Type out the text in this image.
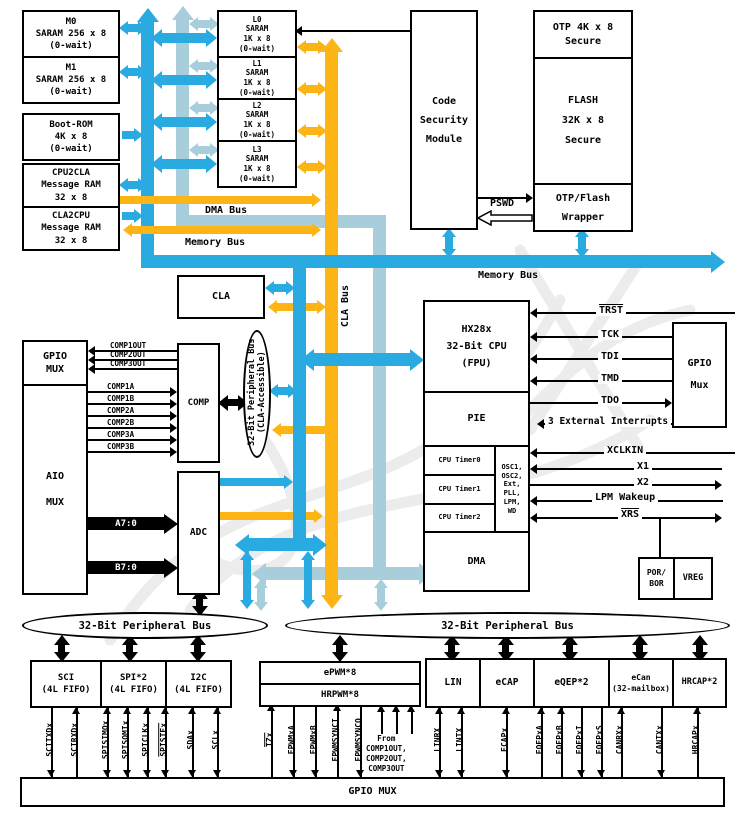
PSWD
COMP1OUT
COMP2OUT
COMP3OUT
COMP1A
COMP1B
COMP2A
COMP2B
COMP3A
COMP3B
A7:0
B7:0
TRST
TCK
TDI
TMD
TDO
3 External Interrupts
XCLKIN
X1
X2
LPM Wakeup
$\overline{XRS}$
M0
SARAM 256 x 8
(0-wait)
M1
SARAM 256 x 8
(0-wait)
Boot-ROM
4K x 8
(0-wait)
CPU2CLA
Message RAM
32 x 8
CLA2CPU
Message RAM
32 x 8
L0
SARAM
1K x 8
(0-wait)
L1
SARAM
1K x 8
(0-wait)
L2
SARAM
1K x 8
(0-wait)
L3
SARAM
1K x 8
(0-wait)
Code
Security
Module
OTP 4K x 8
Secure
FLASH
32K x 8
Secure
OTP/Flash
Wrapper
CLA
GPIO
MUX
AIO
MUX
COMP
ADC
HX28x
32-Bit CPU
(FPU)
PIE
CPU Timer0
CPU Timer1
CPU Timer2
OSC1,
OSC2,
Ext,
PLL,
LPM,
WD
DMA
GPIO
Mux
POR/
BOR
VREG
32-Bit Peripheral Bus	32-Bit Peripheral Bus
32-Bit Peripheral Bus
(CLA-Accessible)
SCI
(4L FIFO)
SPI*2
(4L FIFO)
I2C
(4L FIFO)
ePWM*8
HRPWM*8
LIN	eCAP	eQEP*2	eCan
(32-mailbox)
HRCAP*2
GPIO MUX
DMA Bus
Memory Bus
Memory Bus
CLA Bus
SCITXDx SCIRXDx	SPISIMOx SPISOMIx SPICLKx SPISTEx SDAx SCLx	$\overline{TZx}$ EPWMxA EPWMxB EPWMSYNCI EPWMSYNCO	From
COMP1OUT,
COMP2OUT,
COMP3OUT
LINRX LINTX	ECAPx	EQEPxA EQEPxB EQEPxI EQEPxS CANRXx	CANTXx	HRCAPx
